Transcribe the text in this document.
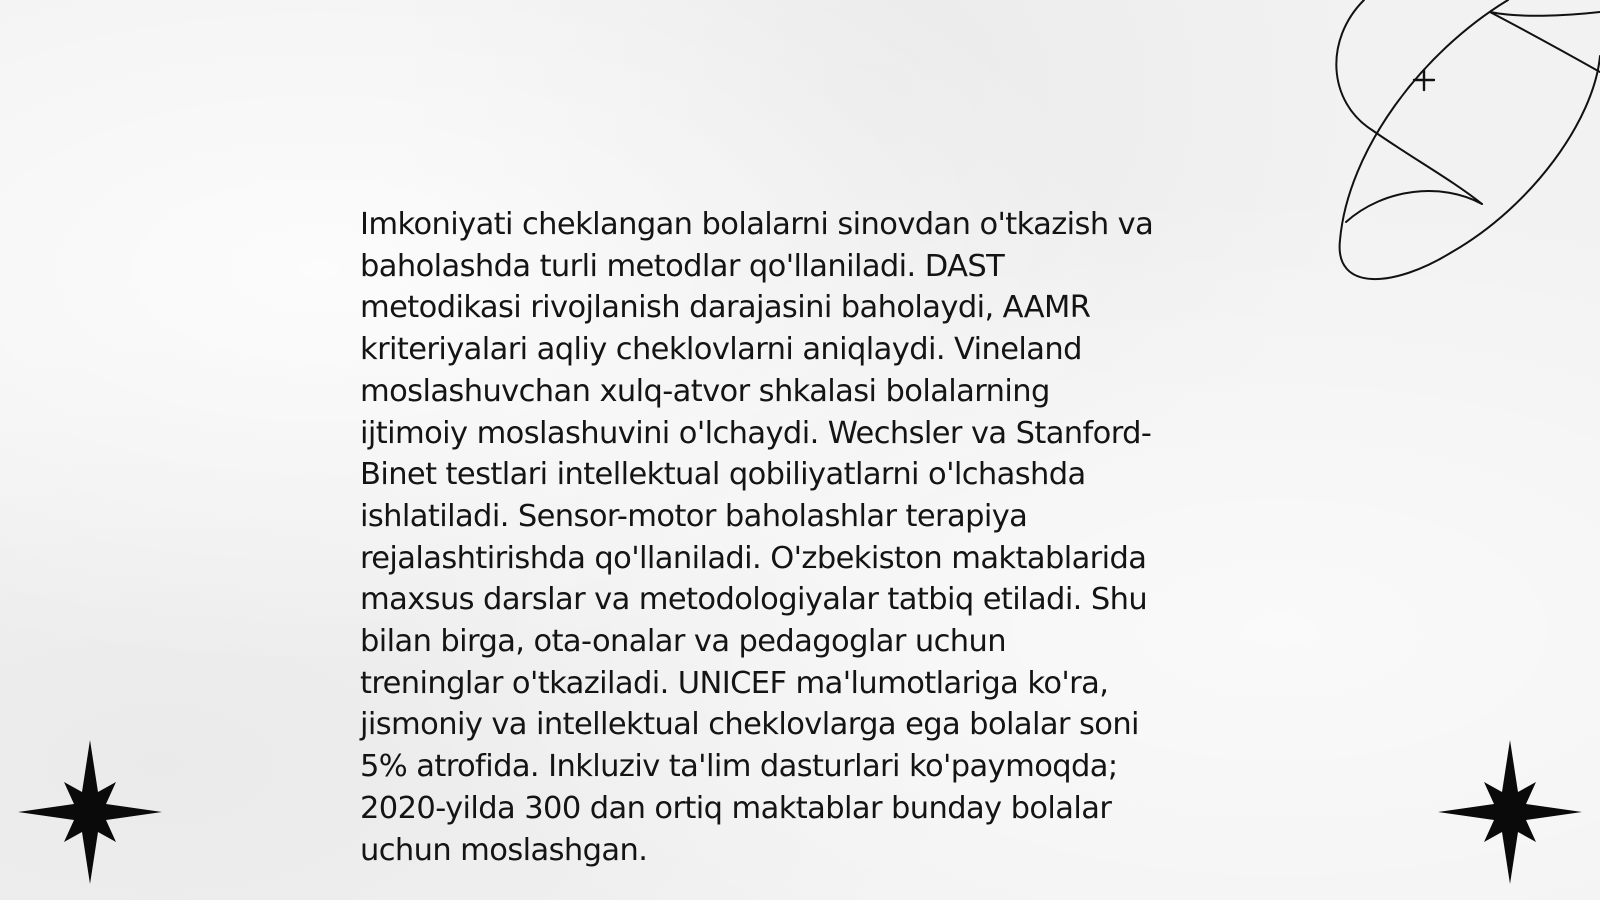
Imkoniyati cheklangan bolalarni sinovdan o'tkazish va
baholashda turli metodlar qo'llaniladi. DAST
metodikasi rivojlanish darajasini baholaydi, AAMR
kriteriyalari aqliy cheklovlarni aniqlaydi. Vineland
moslashuvchan xulq-atvor shkalasi bolalarning
ijtimoiy moslashuvini o'lchaydi. Wechsler va Stanford-
Binet testlari intellektual qobiliyatlarni o'lchashda
ishlatiladi. Sensor-motor baholashlar terapiya
rejalashtirishda qo'llaniladi. O'zbekiston maktablarida
maxsus darslar va metodologiyalar tatbiq etiladi. Shu
bilan birga, ota-onalar va pedagoglar uchun
treninglar o'tkaziladi. UNICEF ma'lumotlariga ko'ra,
jismoniy va intellektual cheklovlarga ega bolalar soni
5% atrofida. Inkluziv ta'lim dasturlari ko'paymoqda;
2020-yilda 300 dan ortiq maktablar bunday bolalar
uchun moslashgan.
